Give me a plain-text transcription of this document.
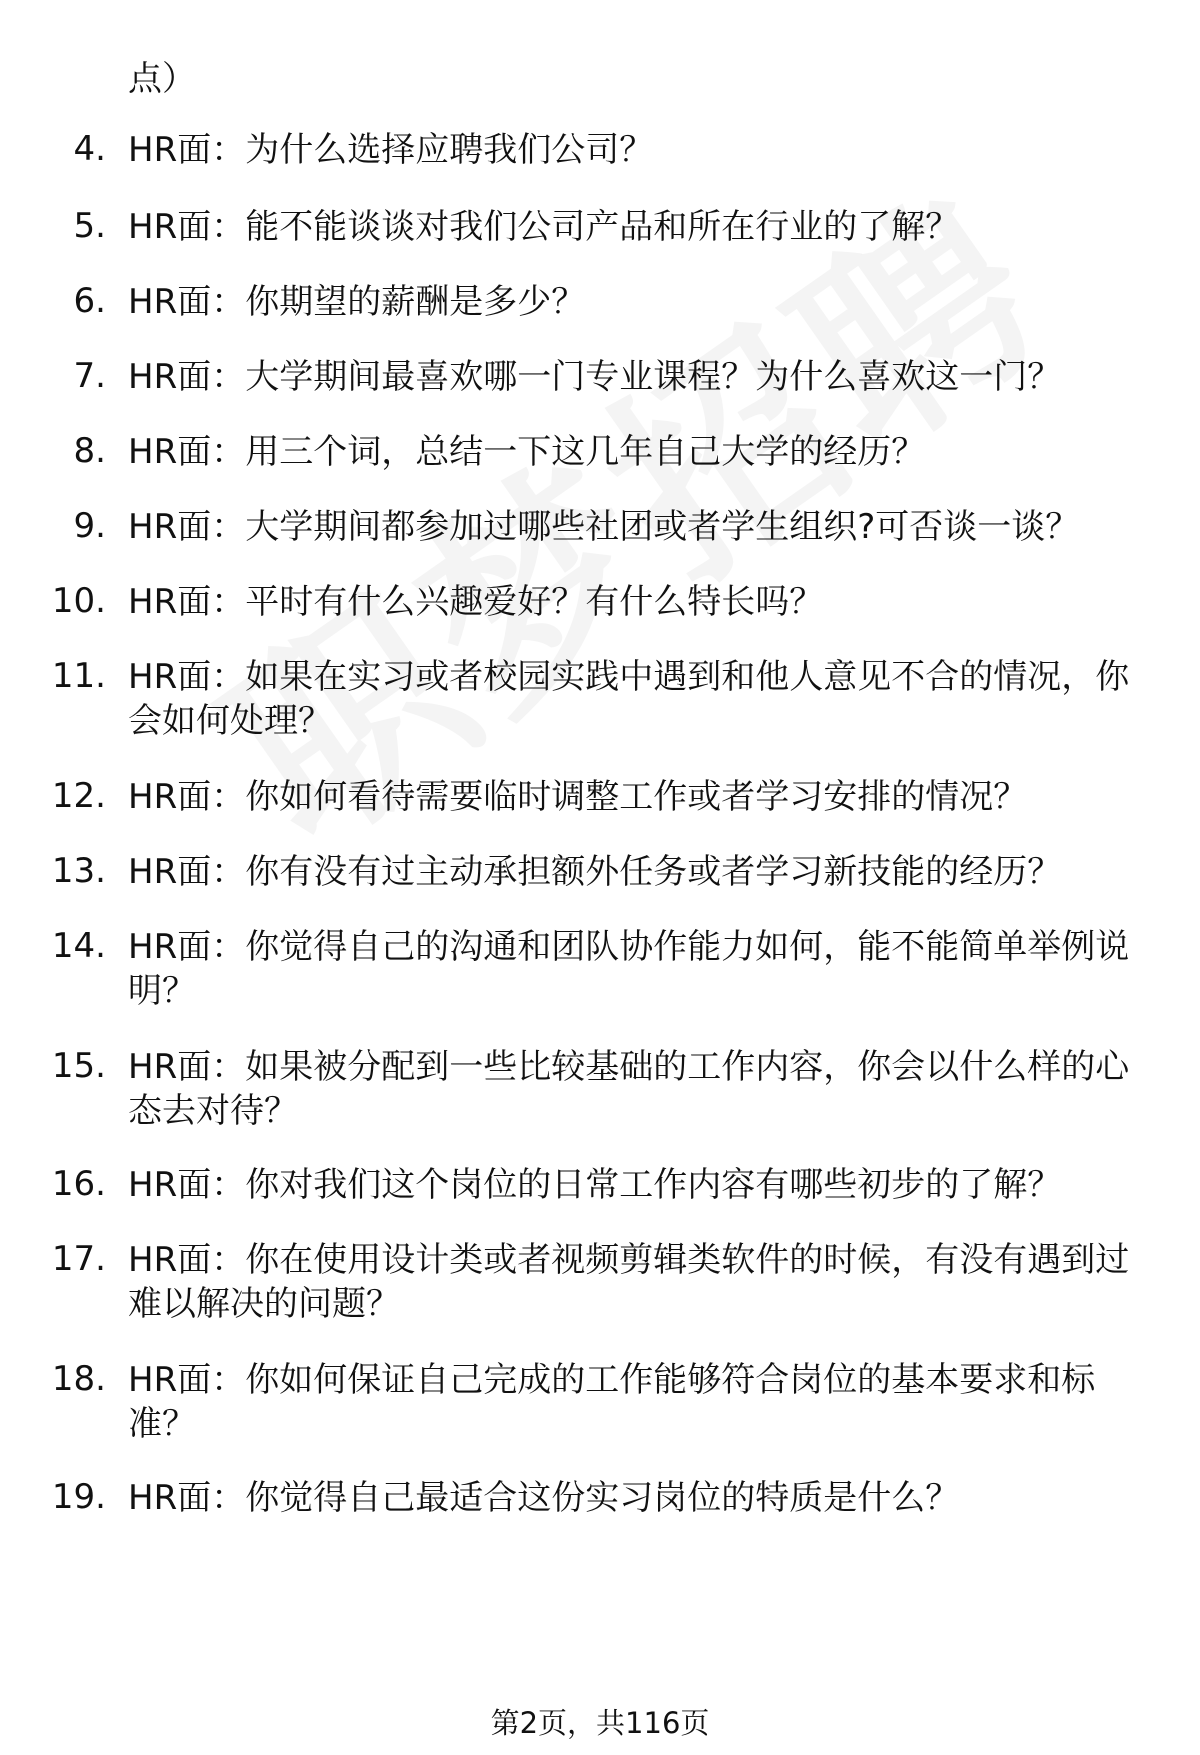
点）
4. HR面：为什么选择应聘我们公司？
5. HR面：能不能谈谈对我们公司产品和所在行业的了解？
6. HR面：你期望的薪酬是多少？
7. HR面：大学期间最喜欢哪一门专业课程？为什么喜欢这一门？
8. HR面：用三个词，总结一下这几年自己大学的经历？
9. HR面：大学期间都参加过哪些社团或者学生组织?可否谈一谈？
10. HR面：平时有什么兴趣爱好？有什么特长吗？
11. HR面：如果在实习或者校园实践中遇到和他人意见不合的情况，你会如何处理？
12. HR面：你如何看待需要临时调整工作或者学习安排的情况？
13. HR面：你有没有过主动承担额外任务或者学习新技能的经历？
14. HR面：你觉得自己的沟通和团队协作能力如何，能不能简单举例说明？
15. HR面：如果被分配到一些比较基础的工作内容，你会以什么样的心态去对待？
16. HR面：你对我们这个岗位的日常工作内容有哪些初步的了解？
17. HR面：你在使用设计类或者视频剪辑类软件的时候，有没有遇到过难以解决的问题？
18. HR面：你如何保证自己完成的工作能够符合岗位的基本要求和标准？
19. HR面：你觉得自己最适合这份实习岗位的特质是什么？
第2页，共116页
